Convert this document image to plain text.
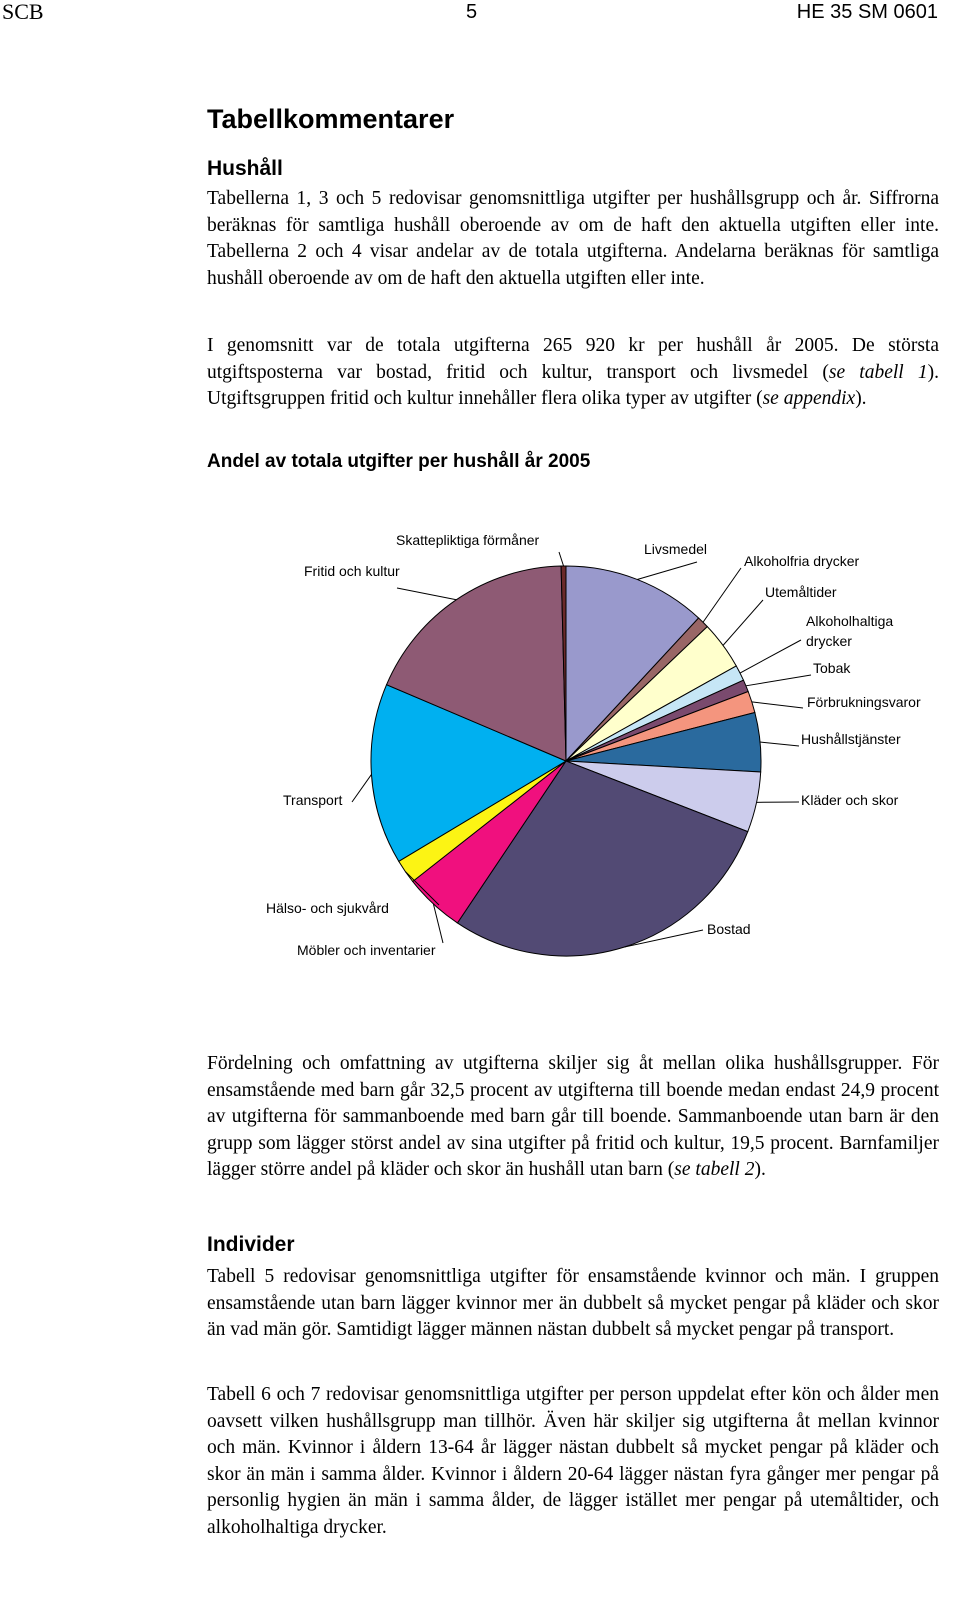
SCB	5	HE 35 SM 0601
Tabellkommentarer
Hushåll

Tabellerna 1, 3 och 5 redovisar genomsnittliga utgifter per hushållsgrupp och år. Siffrorna beräknas för samtliga hushåll oberoende av om de haft den aktuella utgiften eller inte. Tabellerna 2 och 4 visar andelar av de totala utgifterna. Andelarna beräknas för samtliga hushåll oberoende av om de haft den aktuella utgiften eller inte.

I genomsnitt var de totala utgifterna 265 920 kr per hushåll år 2005. De största utgiftsposterna var bostad, fritid och kultur, transport och livsmedel (se tabell 1). Utgiftsgruppen fritid och kultur innehåller flera olika typer av utgifter (se appendix).

Andel av totala utgifter per hushåll år 2005
Livsmedel
Alkoholfria drycker
Utemåltider
Alkoholhaltiga drycker
Tobak
Förbrukningsvaror
Hushållstjänster
Kläder och skor
Bostad
Möbler och inventarier
Hälso- och sjukvård
Transport
Fritid och kultur
Skattepliktiga förmåner

Fördelning och omfattning av utgifterna skiljer sig åt mellan olika hushållsgrupper. För ensamstående med barn går 32,5 procent av utgifterna till boende medan endast 24,9 procent av utgifterna för sammanboende med barn går till boende. Sammanboende utan barn är den grupp som lägger störst andel av sina utgifter på fritid och kultur, 19,5 procent. Barnfamiljer lägger större andel på kläder och skor än hushåll utan barn (se tabell 2).

Individer

Tabell 5 redovisar genomsnittliga utgifter för ensamstående kvinnor och män. I gruppen ensamstående utan barn lägger kvinnor mer än dubbelt så mycket pengar på kläder och skor än vad män gör. Samtidigt lägger männen nästan dubbelt så mycket pengar på transport.

Tabell 6 och 7 redovisar genomsnittliga utgifter per person uppdelat efter kön och ålder men oavsett vilken hushållsgrupp man tillhör. Även här skiljer sig utgifterna åt mellan kvinnor och män. Kvinnor i åldern 13-64 år lägger nästan dubbelt så mycket pengar på kläder och skor än män i samma ålder. Kvinnor i åldern 20-64 lägger nästan fyra gånger mer pengar på personlig hygien än män i samma ålder, de lägger istället mer pengar på utemåltider, och alkoholhaltiga drycker.
